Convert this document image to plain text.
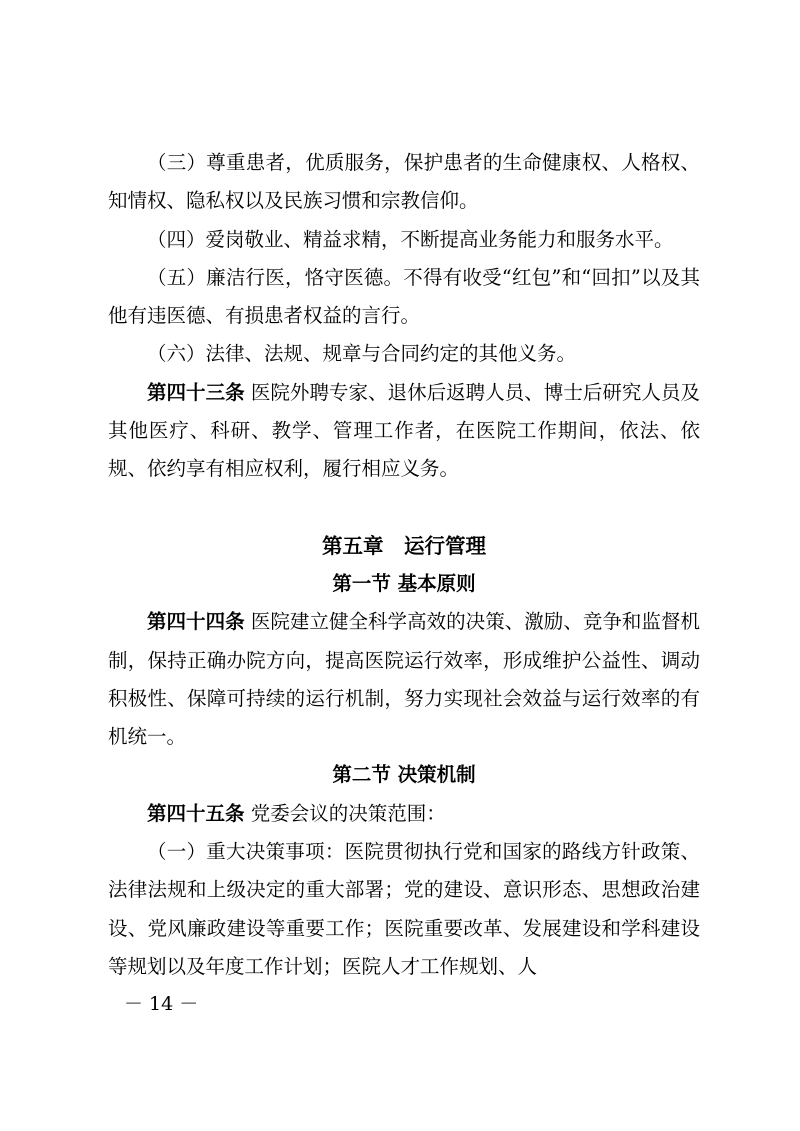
（三）尊重患者，优质服务，保护患者的生命健康权、人格权、知情权、隐私权以及民族习惯和宗教信仰。

（四）爱岗敬业、精益求精，不断提高业务能力和服务水平。

（五）廉洁行医，恪守医德。不得有收受“红包”和“回扣”以及其他有违医德、有损患者权益的言行。

（六）法律、法规、规章与合同约定的其他义务。

第四十三条 医院外聘专家、退休后返聘人员、博士后研究人员及其他医疗、科研、教学、管理工作者，在医院工作期间，依法、依规、依约享有相应权利，履行相应义务。

第五章　运行管理

第一节 基本原则

第四十四条 医院建立健全科学高效的决策、激励、竞争和监督机制，保持正确办院方向，提高医院运行效率，形成维护公益性、调动积极性、保障可持续的运行机制，努力实现社会效益与运行效率的有机统一。

第二节 决策机制

第四十五条 党委会议的决策范围：

（一）重大决策事项：医院贯彻执行党和国家的路线方针政策、法律法规和上级决定的重大部署；党的建设、意识形态、思想政治建设、党风廉政建设等重要工作；医院重要改革、发展建设和学科建设等规划以及年度工作计划；医院人才工作规划、人

－ 14 －
